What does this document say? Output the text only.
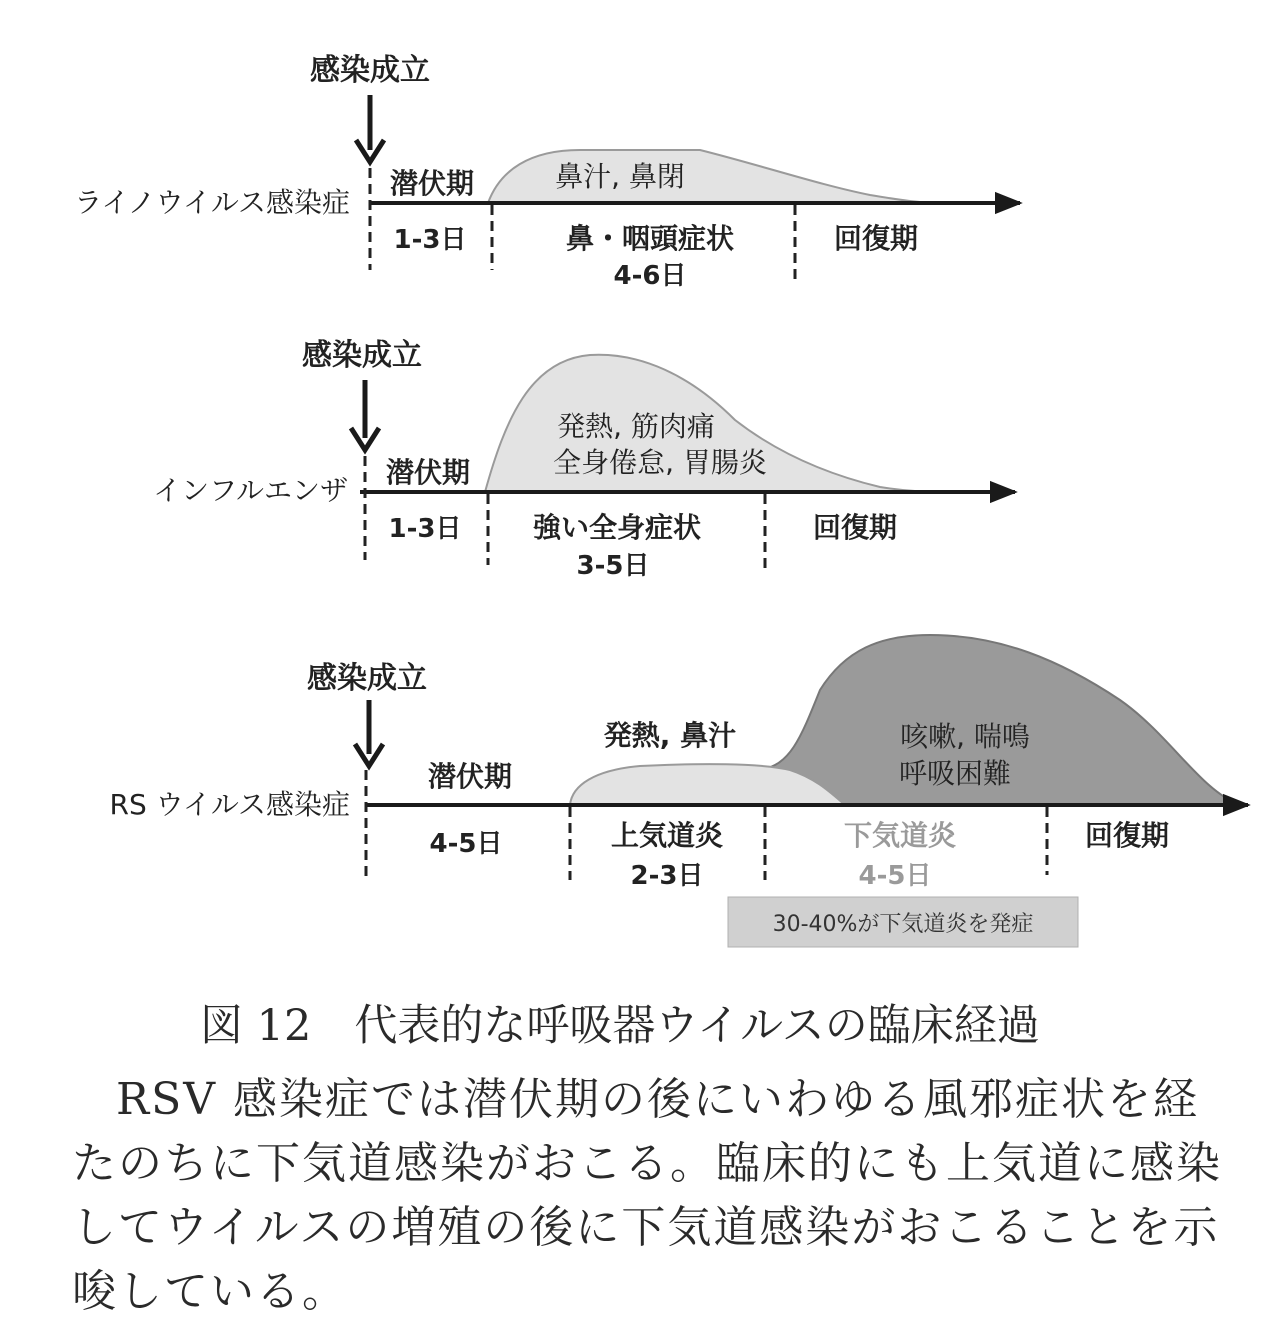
感染成立
ライノウイルス感染症
潜伏期	鼻汁, 鼻閉
1-3日	鼻・咽頭症状
4-6日
回復期
感染成立
インフルエンザ
潜伏期
発熱, 筋肉痛
全身倦怠, 胃腸炎
1-3日	強い全身症状
3-5日
回復期
感染成立
RS ウイルス感染症
潜伏期
発熱, 鼻汁	咳嗽, 喘鳴
呼吸困難
4-5日	上気道炎
2-3日
下気道炎
4-5日
回復期
30-40%が下気道炎を発症
図 12　代表的な呼吸器ウイルスの臨床経過

RSV 感染症では潜伏期の後にいわゆる風邪症状を経たのちに下気道感染がおこる。臨床的にも上気道に感染してウイルスの増殖の後に下気道感染がおこることを示唆している。
